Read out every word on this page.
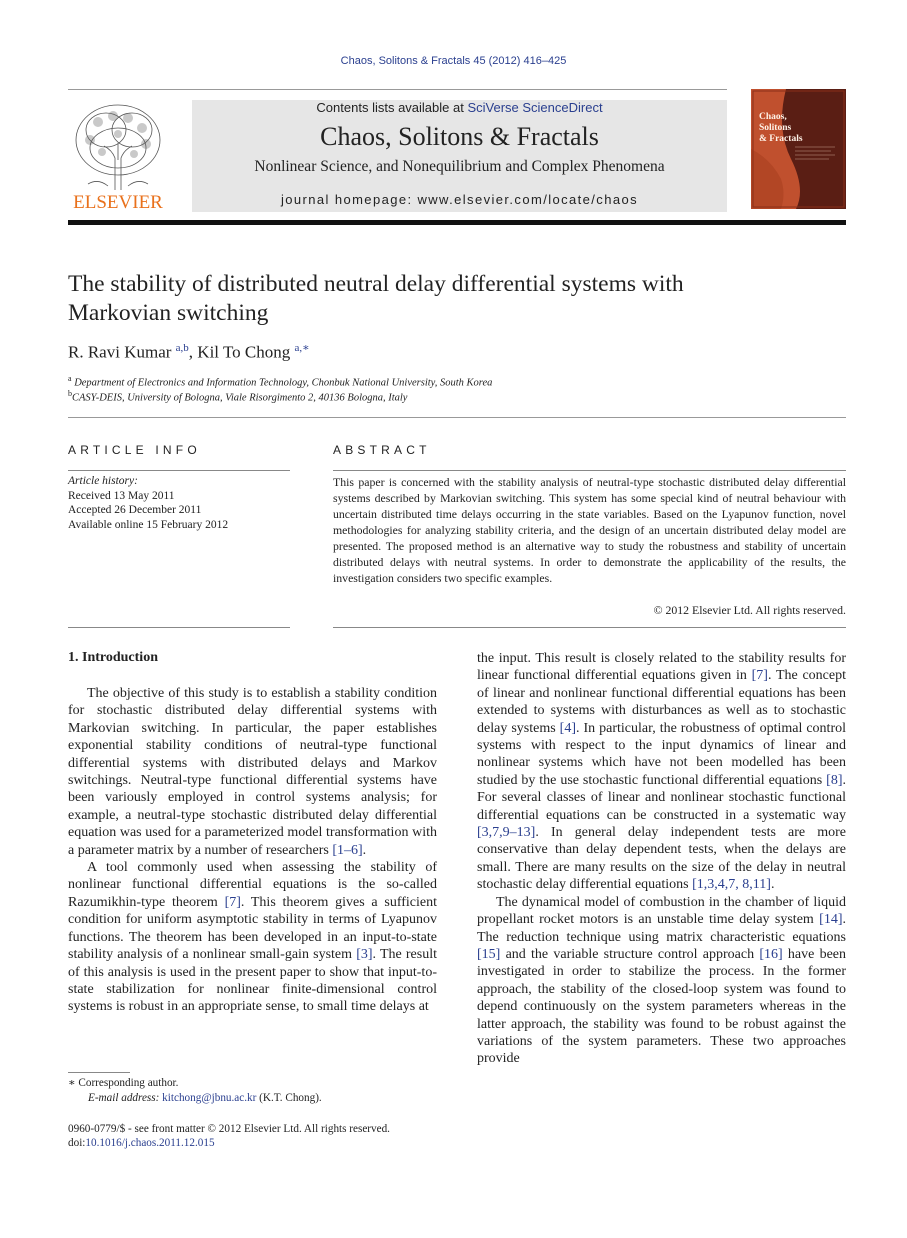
Chaos, Solitons & Fractals 45 (2012) 416–425
ELSEVIER
Contents lists available at SciVerse ScienceDirect
Chaos, Solitons & Fractals
Nonlinear Science, and Nonequilibrium and Complex Phenomena
journal homepage: www.elsevier.com/locate/chaos
Chaos, Solitons & Fractals
The stability of distributed neutral delay differential systems with Markovian switching
R. Ravi Kumar $^{a,b}$, Kil To Chong $^{a,∗}$
$^a$ Department of Electronics and Information Technology, Chonbuk National University, South Korea
$^b$CASY-DEIS, University of Bologna, Viale Risorgimento 2, 40136 Bologna, Italy
ARTICLE INFO	ABSTRACT
Article history:
Received 13 May 2011
Accepted 26 December 2011
Available online 15 February 2012
This paper is concerned with the stability analysis of neutral-type stochastic distributed delay differential systems described by Markovian switching. This system has some special kind of neutral behaviour with uncertain distributed time delays occurring in the state variables. Based on the Lyapunov function, novel methodologies for analyzing stability criteria, and the design of an uncertain distributed delay model are presented. The proposed method is an alternative way to study the robustness and stability of uncertain distributed delays with neutral systems. In order to demonstrate the applicability of the results, the investigation considers two specific examples.
© 2012 Elsevier Ltd. All rights reserved.
1. Introduction

The objective of this study is to establish a stability condition for stochastic distributed delay differential systems with Markovian switching. In particular, the paper establishes exponential stability conditions of neutral-type functional differential systems with distributed delays and Markov switchings. Neutral-type functional differential systems have been variously employed in control systems analysis; for example, a neutral-type stochastic distributed delay differential equation was used for a parameterized model transformation with a parameter matrix by a number of researchers [1–6].

A tool commonly used when assessing the stability of nonlinear functional differential equations is the so-called Razumikhin-type theorem [7]. This theorem gives a sufficient condition for uniform asymptotic stability in terms of Lyapunov functions. The theorem has been developed in an input-to-state stability analysis of a nonlinear small-gain system [3]. The result of this analysis is used in the present paper to show that input-to-state stabilization for nonlinear finite-dimensional control systems is robust in an appropriate sense, to small time delays at

the input. This result is closely related to the stability results for linear functional differential equations given in [7]. The concept of linear and nonlinear functional differential equations has been extended to systems with disturbances as well as to stochastic delay systems [4]. In particular, the robustness of optimal control systems with respect to the input dynamics of linear and nonlinear systems which have not been modelled has been studied by the use stochastic functional differential equations [8]. For several classes of linear and nonlinear stochastic functional differential equations can be constructed in a systematic way [3,7,9–13]. In general delay independent tests are more conservative than delay dependent tests, when the delays are small. There are many results on the size of the delay in neutral stochastic delay differential equations [1,3,4,7, 8,11].

The dynamical model of combustion in the chamber of liquid propellant rocket motors is an unstable time delay system [14]. The reduction technique using matrix characteristic equations [15] and the variable structure control approach [16] have been investigated in order to stabilize the process. In the former approach, the stability of the closed-loop system was found to depend continuously on the system parameters whereas in the latter approach, the stability was found to be robust against the variations of the system parameters. These two approaches provide

∗ Corresponding author.
E-mail address: kitchong@jbnu.ac.kr (K.T. Chong).
0960-0779/$ - see front matter © 2012 Elsevier Ltd. All rights reserved.
doi:10.1016/j.chaos.2011.12.015
